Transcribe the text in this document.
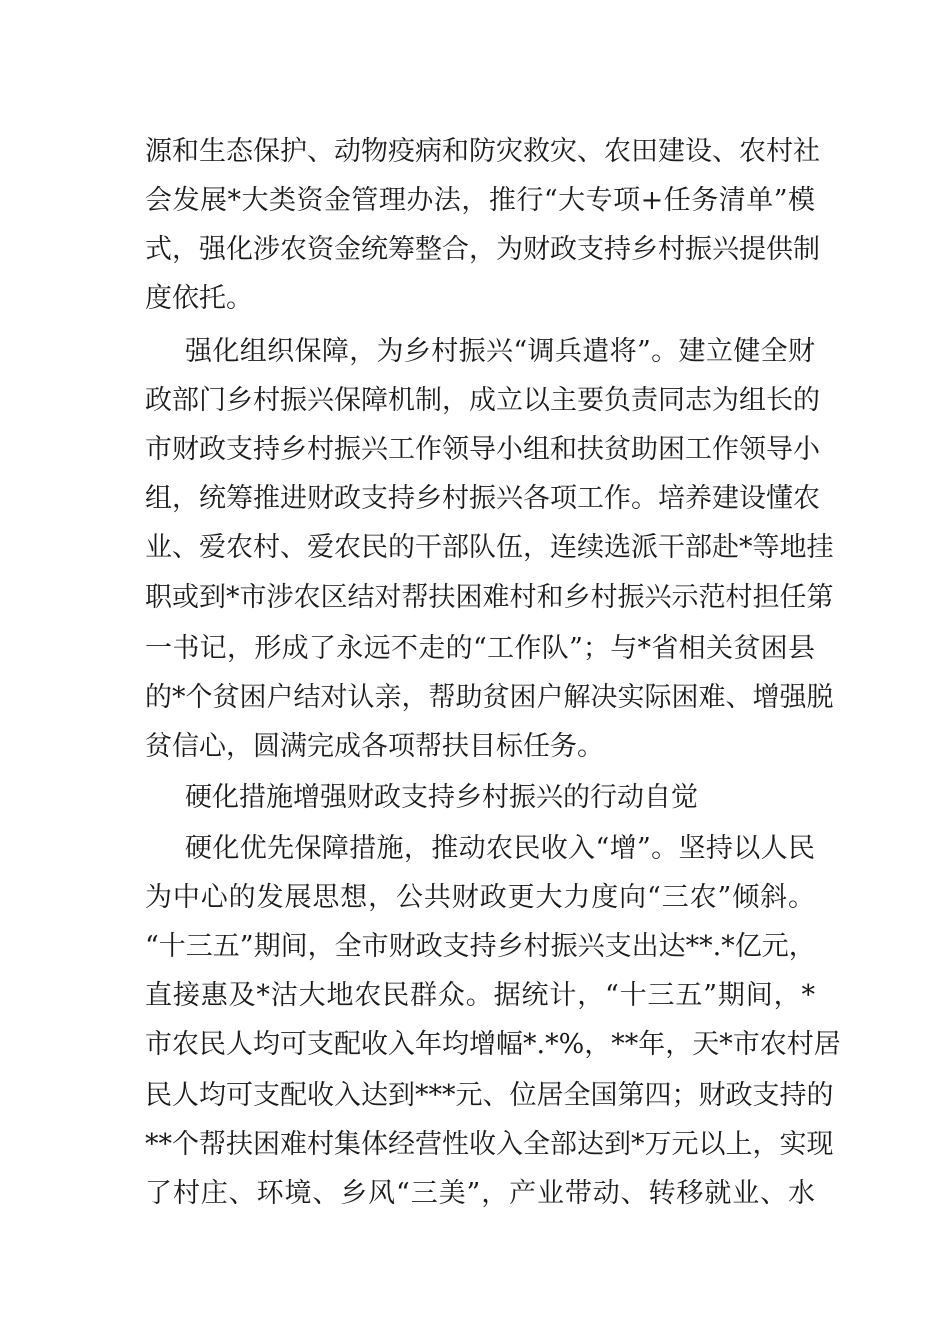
源和生态保护、动物疫病和防灾救灾、农田建设、农村社
会发展*大类资金管理办法，推行“大专项+任务清单”模
式，强化涉农资金统筹整合，为财政支持乡村振兴提供制
度依托。
强化组织保障，为乡村振兴“调兵遣将”。建立健全财
政部门乡村振兴保障机制，成立以主要负责同志为组长的
市财政支持乡村振兴工作领导小组和扶贫助困工作领导小
组，统筹推进财政支持乡村振兴各项工作。培养建设懂农
业、爱农村、爱农民的干部队伍，连续选派干部赴*等地挂
职或到*市涉农区结对帮扶困难村和乡村振兴示范村担任第
一书记，形成了永远不走的“工作队”；与*省相关贫困县
的*个贫困户结对认亲，帮助贫困户解决实际困难、增强脱
贫信心，圆满完成各项帮扶目标任务。
硬化措施增强财政支持乡村振兴的行动自觉
硬化优先保障措施，推动农民收入“增”。坚持以人民
为中心的发展思想，公共财政更大力度向“三农”倾斜。
“十三五”期间，全市财政支持乡村振兴支出达**.*亿元，
直接惠及*沽大地农民群众。据统计，“十三五”期间，*
市农民人均可支配收入年均增幅*.*%，**年，天*市农村居
民人均可支配收入达到***元、位居全国第四；财政支持的
**个帮扶困难村集体经营性收入全部达到*万元以上，实现
了村庄、环境、乡风“三美”，产业带动、转移就业、水
